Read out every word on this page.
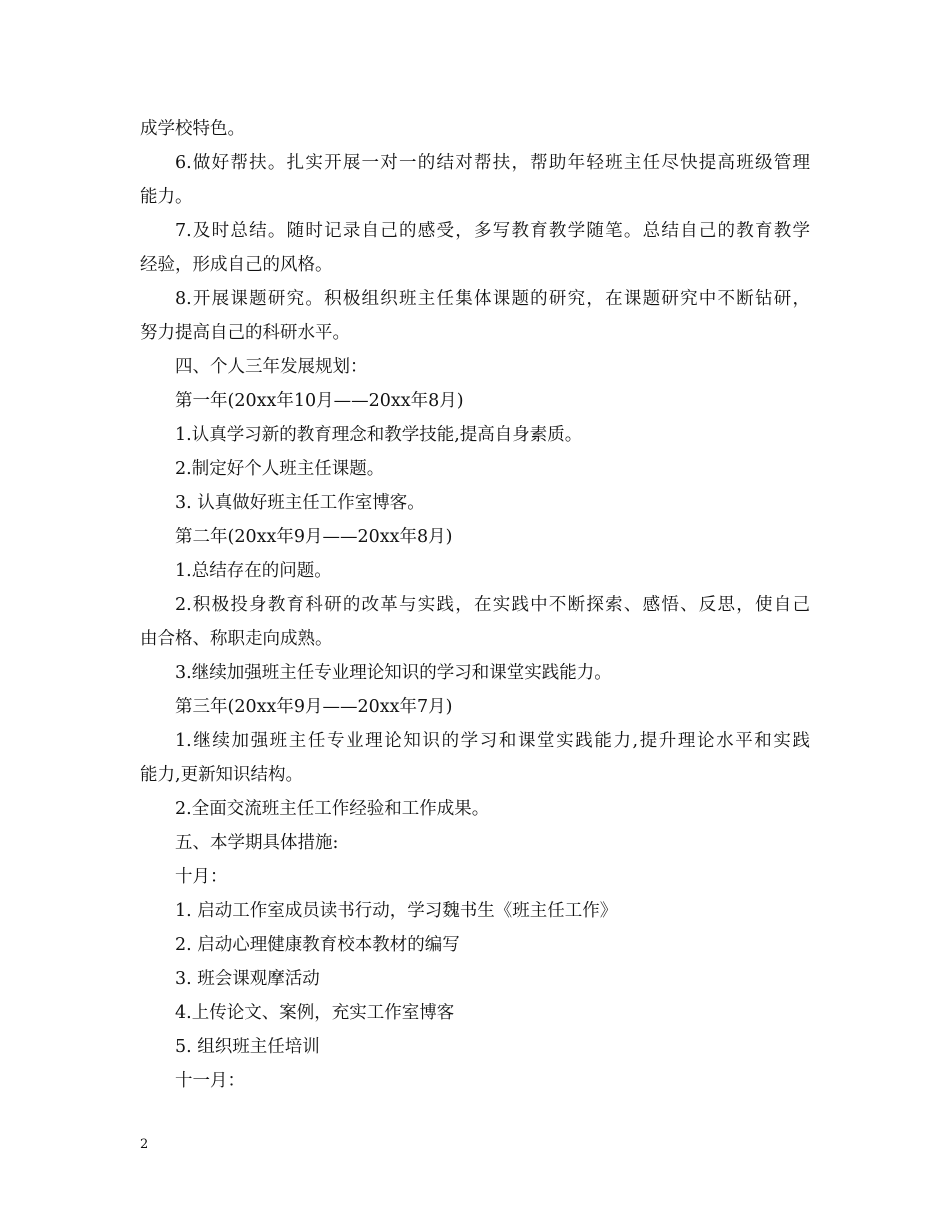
成学校特色。
6.做好帮扶。扎实开展一对一的结对帮扶，帮助年轻班主任尽快提高班级管理
能力。
7.及时总结。随时记录自己的感受，多写教育教学随笔。总结自己的教育教学
经验，形成自己的风格。
8.开展课题研究。积极组织班主任集体课题的研究，在课题研究中不断钻研，
努力提高自己的科研水平。
四、个人三年发展规划：
第一年(20xx年10月——20xx年8月)
1.认真学习新的教育理念和教学技能,提高自身素质。
2.制定好个人班主任课题。
3. 认真做好班主任工作室博客。
第二年(20xx年9月——20xx年8月)
1.总结存在的问题。
2.积极投身教育科研的改革与实践，在实践中不断探索、感悟、反思，使自己
由合格、称职走向成熟。
3.继续加强班主任专业理论知识的学习和课堂实践能力。
第三年(20xx年9月——20xx年7月)
1.继续加强班主任专业理论知识的学习和课堂实践能力,提升理论水平和实践
能力,更新知识结构。
2.全面交流班主任工作经验和工作成果。
五、本学期具体措施:
十月：
1. 启动工作室成员读书行动，学习魏书生《班主任工作》
2. 启动心理健康教育校本教材的编写
3. 班会课观摩活动
4.上传论文、案例，充实工作室博客
5. 组织班主任培训
十一月：
2
